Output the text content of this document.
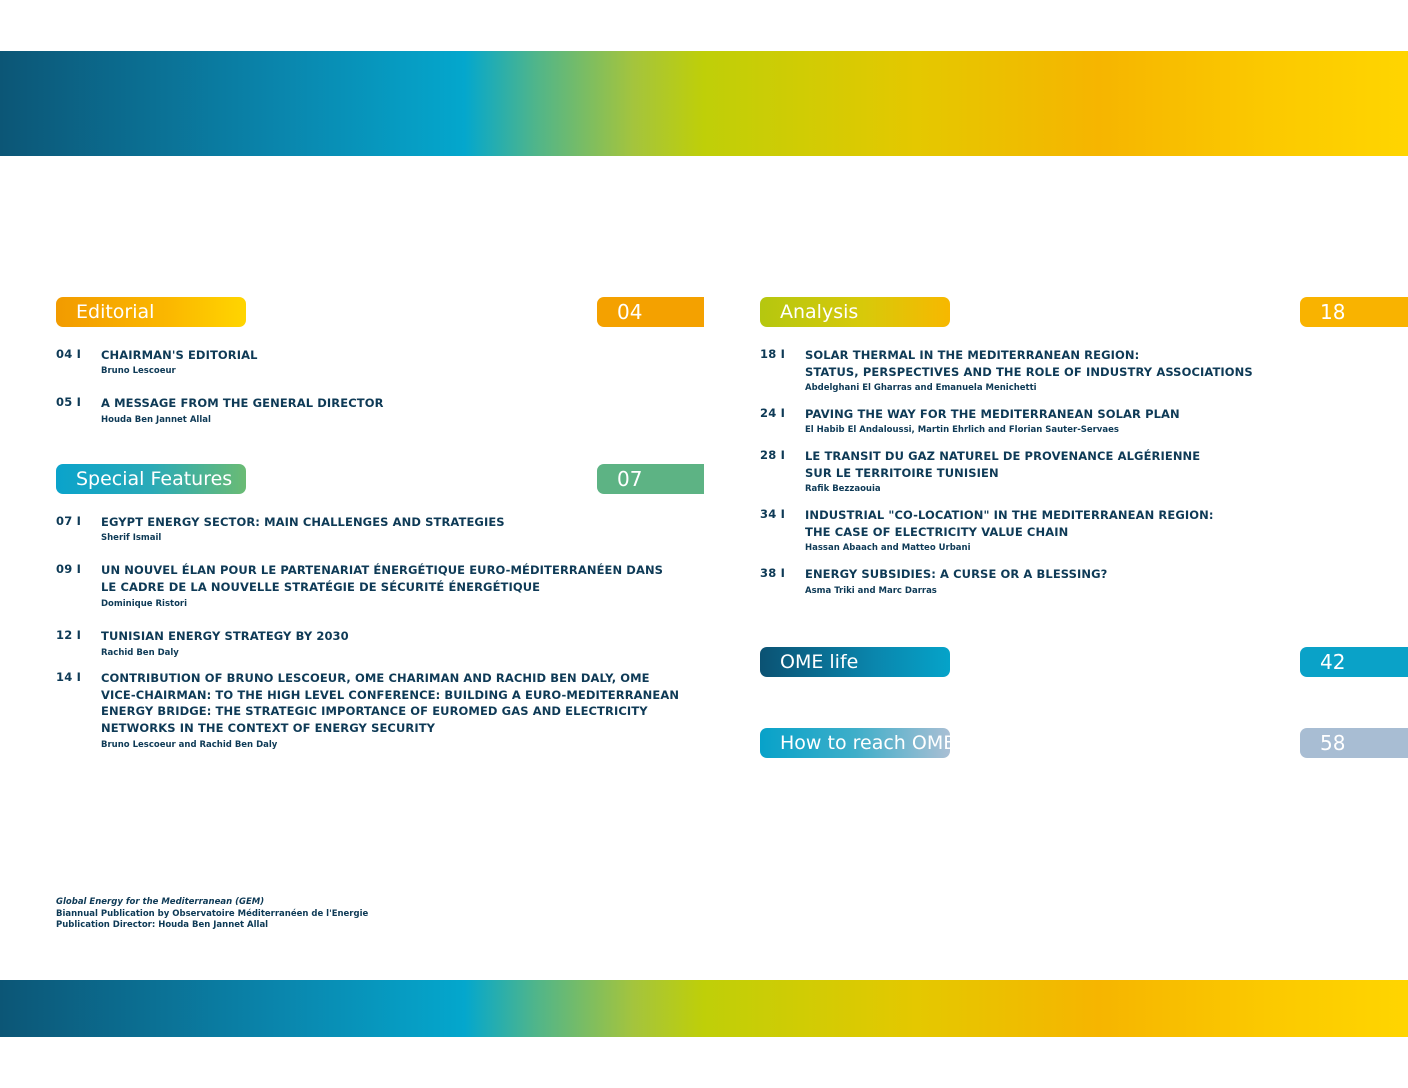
Editorial	04
Special Features	07
Analysis	18
OME life	42
How to reach OME	58
04 I CHAIRMAN'S EDITORIAL
Bruno Lescoeur
05 I A MESSAGE FROM THE GENERAL DIRECTOR
Houda Ben Jannet Allal
07 I EGYPT ENERGY SECTOR: MAIN CHALLENGES AND STRATEGIES
Sherif Ismail
09 I UN NOUVEL ÉLAN POUR LE PARTENARIAT ÉNERGÉTIQUE EURO-MÉDITERRANÉEN DANS
LE CADRE DE LA NOUVELLE STRATÉGIE DE SÉCURITÉ ÉNERGÉTIQUE
Dominique Ristori
12 I TUNISIAN ENERGY STRATEGY BY 2030
Rachid Ben Daly
14 I CONTRIBUTION OF BRUNO LESCOEUR, OME CHARIMAN AND RACHID BEN DALY, OME
VICE-CHAIRMAN: TO THE HIGH LEVEL CONFERENCE: BUILDING A EURO-MEDITERRANEAN
ENERGY BRIDGE: THE STRATEGIC IMPORTANCE OF EUROMED GAS AND ELECTRICITY
NETWORKS IN THE CONTEXT OF ENERGY SECURITY
Bruno Lescoeur and Rachid Ben Daly
18 I SOLAR THERMAL IN THE MEDITERRANEAN REGION:
STATUS, PERSPECTIVES AND THE ROLE OF INDUSTRY ASSOCIATIONS
Abdelghani El Gharras and Emanuela Menichetti
24 I PAVING THE WAY FOR THE MEDITERRANEAN SOLAR PLAN
El Habib El Andaloussi, Martin Ehrlich and Florian Sauter-Servaes
28 I LE TRANSIT DU GAZ NATUREL DE PROVENANCE ALGÉRIENNE
SUR LE TERRITOIRE TUNISIEN
Rafik Bezzaouia
34 I INDUSTRIAL "CO-LOCATION" IN THE MEDITERRANEAN REGION:
THE CASE OF ELECTRICITY VALUE CHAIN
Hassan Abaach and Matteo Urbani
38 I ENERGY SUBSIDIES: A CURSE OR A BLESSING?
Asma Triki and Marc Darras
Global Energy for the Mediterranean (GEM)
Biannual Publication by Observatoire Méditerranéen de l'Energie
Publication Director: Houda Ben Jannet Allal
